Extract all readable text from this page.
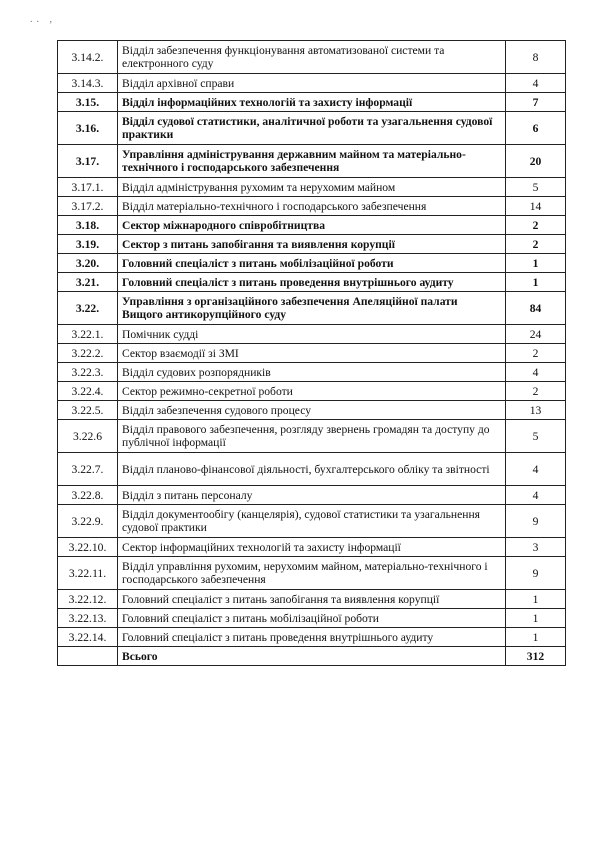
.. ,
3.14.2.	Відділ забезпечення функціонування автоматизованої системи та електронного суду	8
3.14.3.	Відділ архівної справи	4
3.15.	Відділ інформаційних технологій та захисту інформації	7
3.16.	Відділ судової статистики, аналітичної роботи та узагальнення судової практики	6
3.17.	Управління адміністрування державним майном та матеріально-технічного і господарського забезпечення	20
3.17.1.	Відділ адміністрування рухомим та нерухомим майном	5
3.17.2.	Відділ матеріально-технічного і господарського забезпечення	14
3.18.	Сектор міжнародного співробітництва	2
3.19.	Сектор з питань запобігання та виявлення корупції	2
3.20.	Головний спеціаліст з питань мобілізаційної роботи	1
3.21.	Головний спеціаліст з питань проведення внутрішнього аудиту	1
3.22.	Управління з організаційного забезпечення Апеляційної палати Вищого антикорупційного суду	84
3.22.1.	Помічник судді	24
3.22.2.	Сектор взаємодії зі ЗМІ	2
3.22.3.	Відділ судових розпорядників	4
3.22.4.	Сектор режимно-секретної роботи	2
3.22.5.	Відділ забезпечення судового процесу	13
3.22.6	Відділ правового забезпечення, розгляду звернень громадян та доступу до публічної інформації	5
3.22.7.	Відділ планово-фінансової діяльності, бухгалтерського обліку та звітності	4
3.22.8.	Відділ з питань персоналу	4
3.22.9.	Відділ документообігу (канцелярія), судової статистики та узагальнення судової практики	9
3.22.10.	Сектор інформаційних технологій та захисту інформації	3
3.22.11.	Відділ управління рухомим, нерухомим майном, матеріально-технічного і господарського забезпечення	9
3.22.12.	Головний спеціаліст з питань запобігання та виявлення корупції	1
3.22.13.	Головний спеціаліст з питань мобілізаційної роботи	1
3.22.14.	Головний спеціаліст з питань проведення внутрішнього аудиту	1
	Всього	312
